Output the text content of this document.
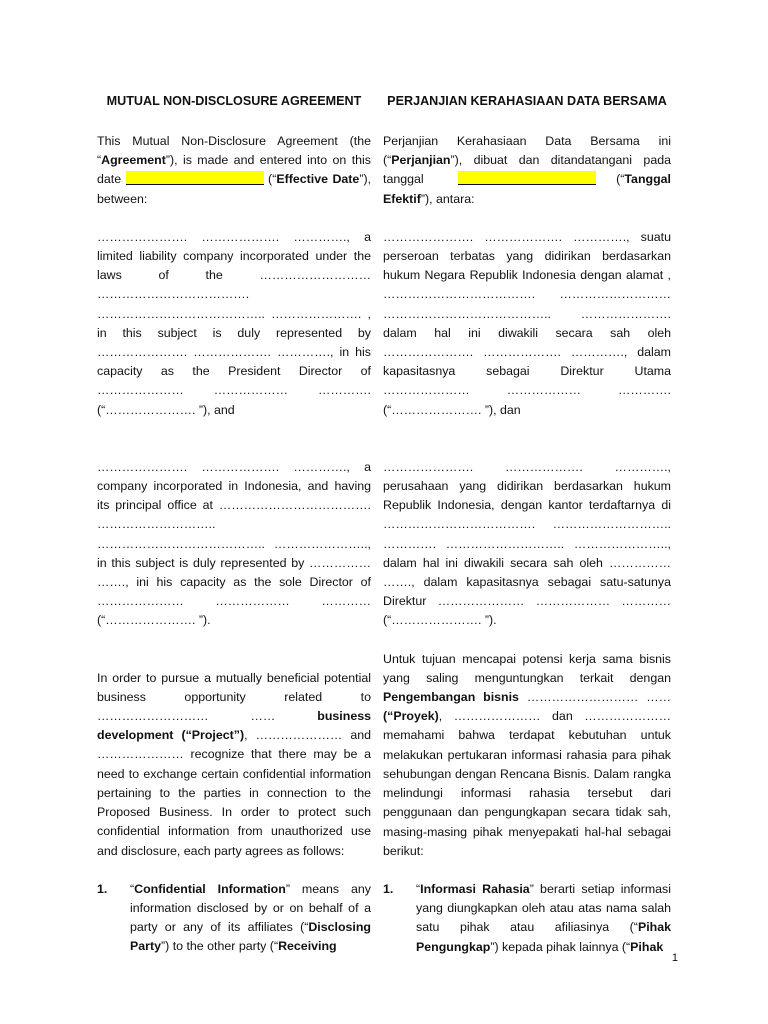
MUTUAL NON-DISCLOSURE AGREEMENT

This Mutual Non-Disclosure Agreement (the “Agreement”), is made and entered into on this date	(“Effective Date”), between:

…………………. ………………. …………., a limited liability company incorporated under the laws of the ……………………… ………………………………. ………………………………….. …………………. , in this subject is duly represented by …………………. ………………. …………., in his capacity as the President Director of ………………… ……………… …………. (“…………………. ”), and

…………………. ………………. …………., a company incorporated in Indonesia, and having its principal office at ………………………………. ……………………….. ………………………………….. ………………….., in this subject is duly represented by …………… ……., ini his capacity as the sole Director of ………………… ……………… ………… (“…………………. ”).

In order to pursue a mutually beneficial potential business opportunity related to ……………………… …… business development (“Project”), ………………… and ………………… recognize that there may be a need to exchange certain confidential information pertaining to the parties in connection to the Proposed Business. In order to protect such confidential information from unauthorized use and disclosure, each party agrees as follows:

1.	“Confidential Information” means any information disclosed by or on behalf of a party or any of its affiliates (“Disclosing Party”) to the other party (“Receiving
PERJANJIAN KERAHASIAAN DATA BERSAMA

Perjanjian Kerahasiaan Data Bersama ini (“Perjanjian”), dibuat dan ditandatangani pada tanggal	(“Tanggal Efektif”), antara:

…………………. ………………. …………., suatu perseroan terbatas yang didirikan berdasarkan hukum Negara Republik Indonesia dengan alamat , ………………………………. ……………………… ………………………………….. …………………. dalam hal ini diwakili secara sah oleh …………………. ………………. …………., dalam kapasitasnya sebagai Direktur Utama ………………… ……………… …………. (“…………………. ”), dan

…………………. ………………. …………., perusahaan yang didirikan berdasarkan hukum Republik Indonesia, dengan kantor terdaftarnya di ………………………………. ……………………….. …………. ……………………….. ………………….., dalam hal ini diwakili secara sah oleh …………… ……., dalam kapasitasnya sebagai satu-satunya Direktur ………………… ……………… ………… (“…………………. ”).

Untuk tujuan mencapai potensi kerja sama bisnis yang saling menguntungkan terkait dengan Pengembangan bisnis ……………………… …… (“Proyek), ………………… dan ………………… memahami bahwa terdapat kebutuhan untuk melakukan pertukaran informasi rahasia para pihak sehubungan dengan Rencana Bisnis. Dalam rangka melindungi informasi rahasia tersebut dari penggunaan dan pengungkapan secara tidak sah, masing-masing pihak menyepakati hal-hal sebagai berikut:

1.	“Informasi Rahasia” berarti setiap informasi yang diungkapkan oleh atau atas nama salah satu pihak atau afiliasinya (“Pihak Pengungkap”) kepada pihak lainnya (“Pihak
1
